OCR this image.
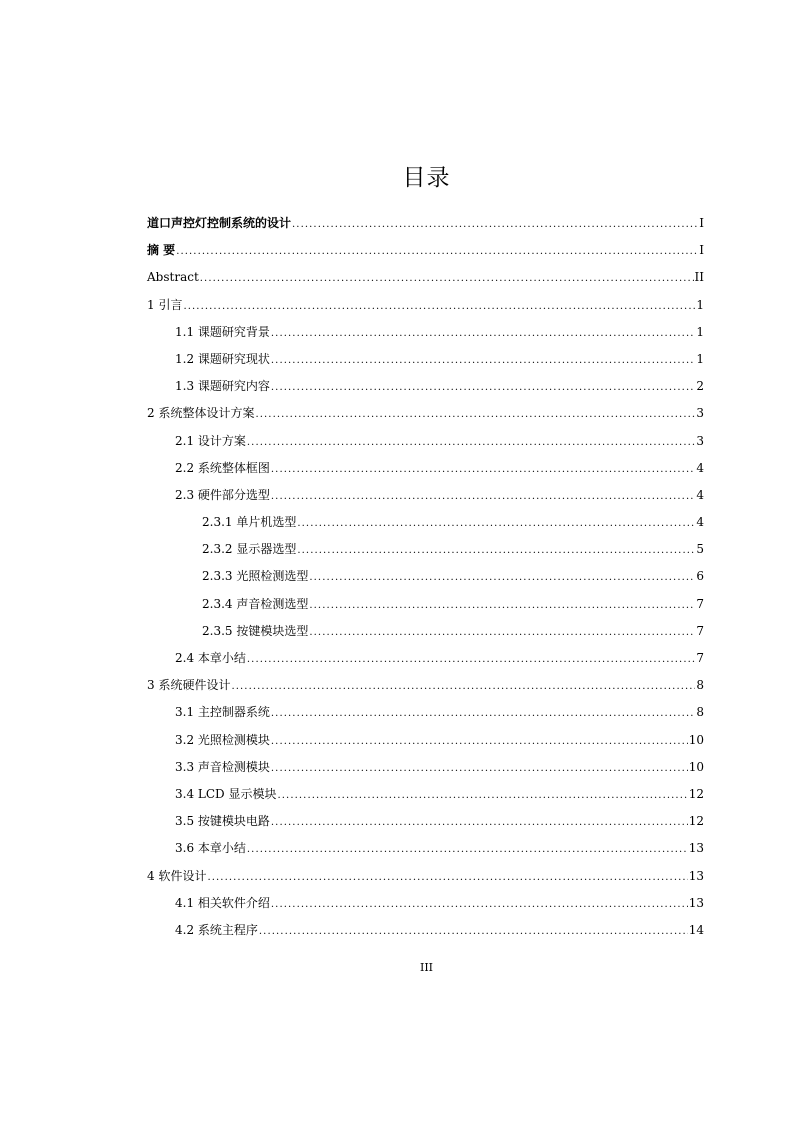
目录
道口声控灯控制系统的设计 .....	I
摘 要 .....	I
Abstract .....	II
1 引言 .....	1
1.1 课题研究背景 .....	1
1.2 课题研究现状 .....	1
1.3 课题研究内容 .....	2
2 系统整体设计方案 .....	3
2.1 设计方案 .....	3
2.2 系统整体框图 .....	4
2.3 硬件部分选型 .....	4
2.3.1 单片机选型 .....	4
2.3.2 显示器选型 .....	5
2.3.3 光照检测选型 .....	6
2.3.4 声音检测选型 .....	7
2.3.5 按键模块选型 .....	7
2.4 本章小结 .....	7
3 系统硬件设计 .....	8
3.1 主控制器系统 .....	8
3.2 光照检测模块 .....	10
3.3 声音检测模块 .....	10
3.4 LCD 显示模块 .....	12
3.5 按键模块电路 .....	12
3.6 本章小结 .....	13
4 软件设计 .....	13
4.1 相关软件介绍 .....	13
4.2 系统主程序 .....	14
III
